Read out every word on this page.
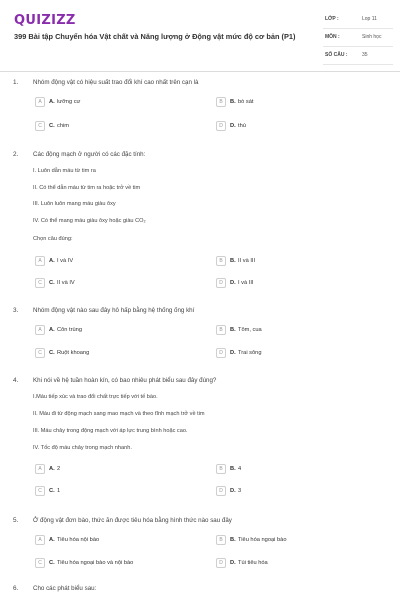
QUIZIZZ
399 Bài tập Chuyển hóa Vật chất và Năng lượng ở Động vật mức độ cơ bản (P1)
LỚP :	Lop 11
MÔN :	Sinh học
SỐ CÂU :	35
1. Nhóm động vật có hiệu suất trao đổi khí cao nhất trên cạn là
A	A. lưỡng cư	B	B. bò sát
C	C. chim	D	D. thú
2. Các động mạch ở người có các đặc tính:
I. Luôn dẫn máu từ tim ra
II. Có thể dẫn máu từ tim ra hoặc trở về tim
III. Luôn luôn mang máu giàu ôxy
IV. Có thể mang máu giàu ôxy hoặc giàu CO₂
Chọn câu đúng:
A	A. I và IV	B	B. II và III
C	C. II và IV	D	D. I và III
3. Nhóm động vật nào sau đây hô hấp bằng hệ thống ống khí
A	A. Côn trùng	B	B. Tôm, cua
C	C. Ruột khoang	D	D. Trai sông
4. Khi nói về hệ tuần hoàn kín, có bao nhiêu phát biểu sau đây đúng?
I.Máu tiếp xúc và trao đổi chất trực tiếp với tế bào.
II. Máu đi từ động mạch sang mao mạch và theo tĩnh mạch trở về tim
III. Máu chảy trong động mạch với áp lực trung bình hoặc cao.
IV. Tốc độ máu chảy trong mạch nhanh.
A	A. 2	B	B. 4
C	C. 1	D	D. 3
5. Ở động vật đơn bào, thức ăn được tiêu hóa bằng hình thức nào sau đây
A	A. Tiêu hóa nội bào	B	B. Tiêu hóa ngoại bào
C	C. Tiêu hóa ngoại bào và nội bào	D	D. Túi tiêu hóa
6. Cho các phát biểu sau:
